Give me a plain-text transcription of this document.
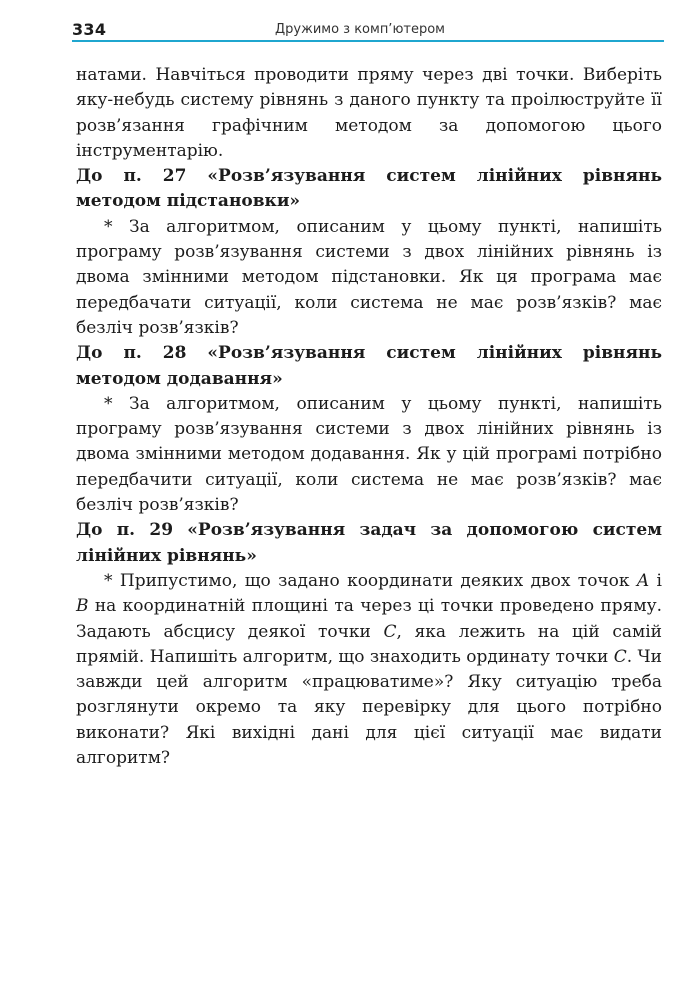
334	Дружимо з комп’ютером

натами. Навчіться проводити пряму через дві точки. Виберіть яку-небудь систему рівнянь з даного пункту та проілюструйте її розв’язання графічним методом за допомогою цього інструментарію.

До п. 27 «Розв’язування систем лінійних рівнянь методом підстановки»

* За алгоритмом, описаним у цьому пункті, напишіть програму розв’язування системи з двох лінійних рівнянь із двома змінними методом підстановки. Як ця програма має передбачати ситуації, коли система не має розв’язків? має безліч розв’язків?

До п. 28 «Розв’язування систем лінійних рівнянь методом додавання»

* За алгоритмом, описаним у цьому пункті, напишіть програму розв’язування системи з двох лінійних рівнянь із двома змінними методом додавання. Як у цій програмі потрібно передбачити ситуації, коли система не має розв’язків? має безліч розв’язків?

До п. 29 «Розв’язування задач за допомогою систем лінійних рівнянь»

* Припустимо, що задано координати деяких двох точок A і B на координатній площині та через ці точки проведено пряму. Задають абсцису деякої точки C, яка лежить на цій самій прямій. Напишіть алгоритм, що знаходить ординату точки C. Чи завжди цей алгоритм «працюватиме»? Яку ситуацію треба розглянути окремо та яку перевірку для цього потрібно виконати? Які вихідні дані для цієї ситуації має видати алгоритм?
